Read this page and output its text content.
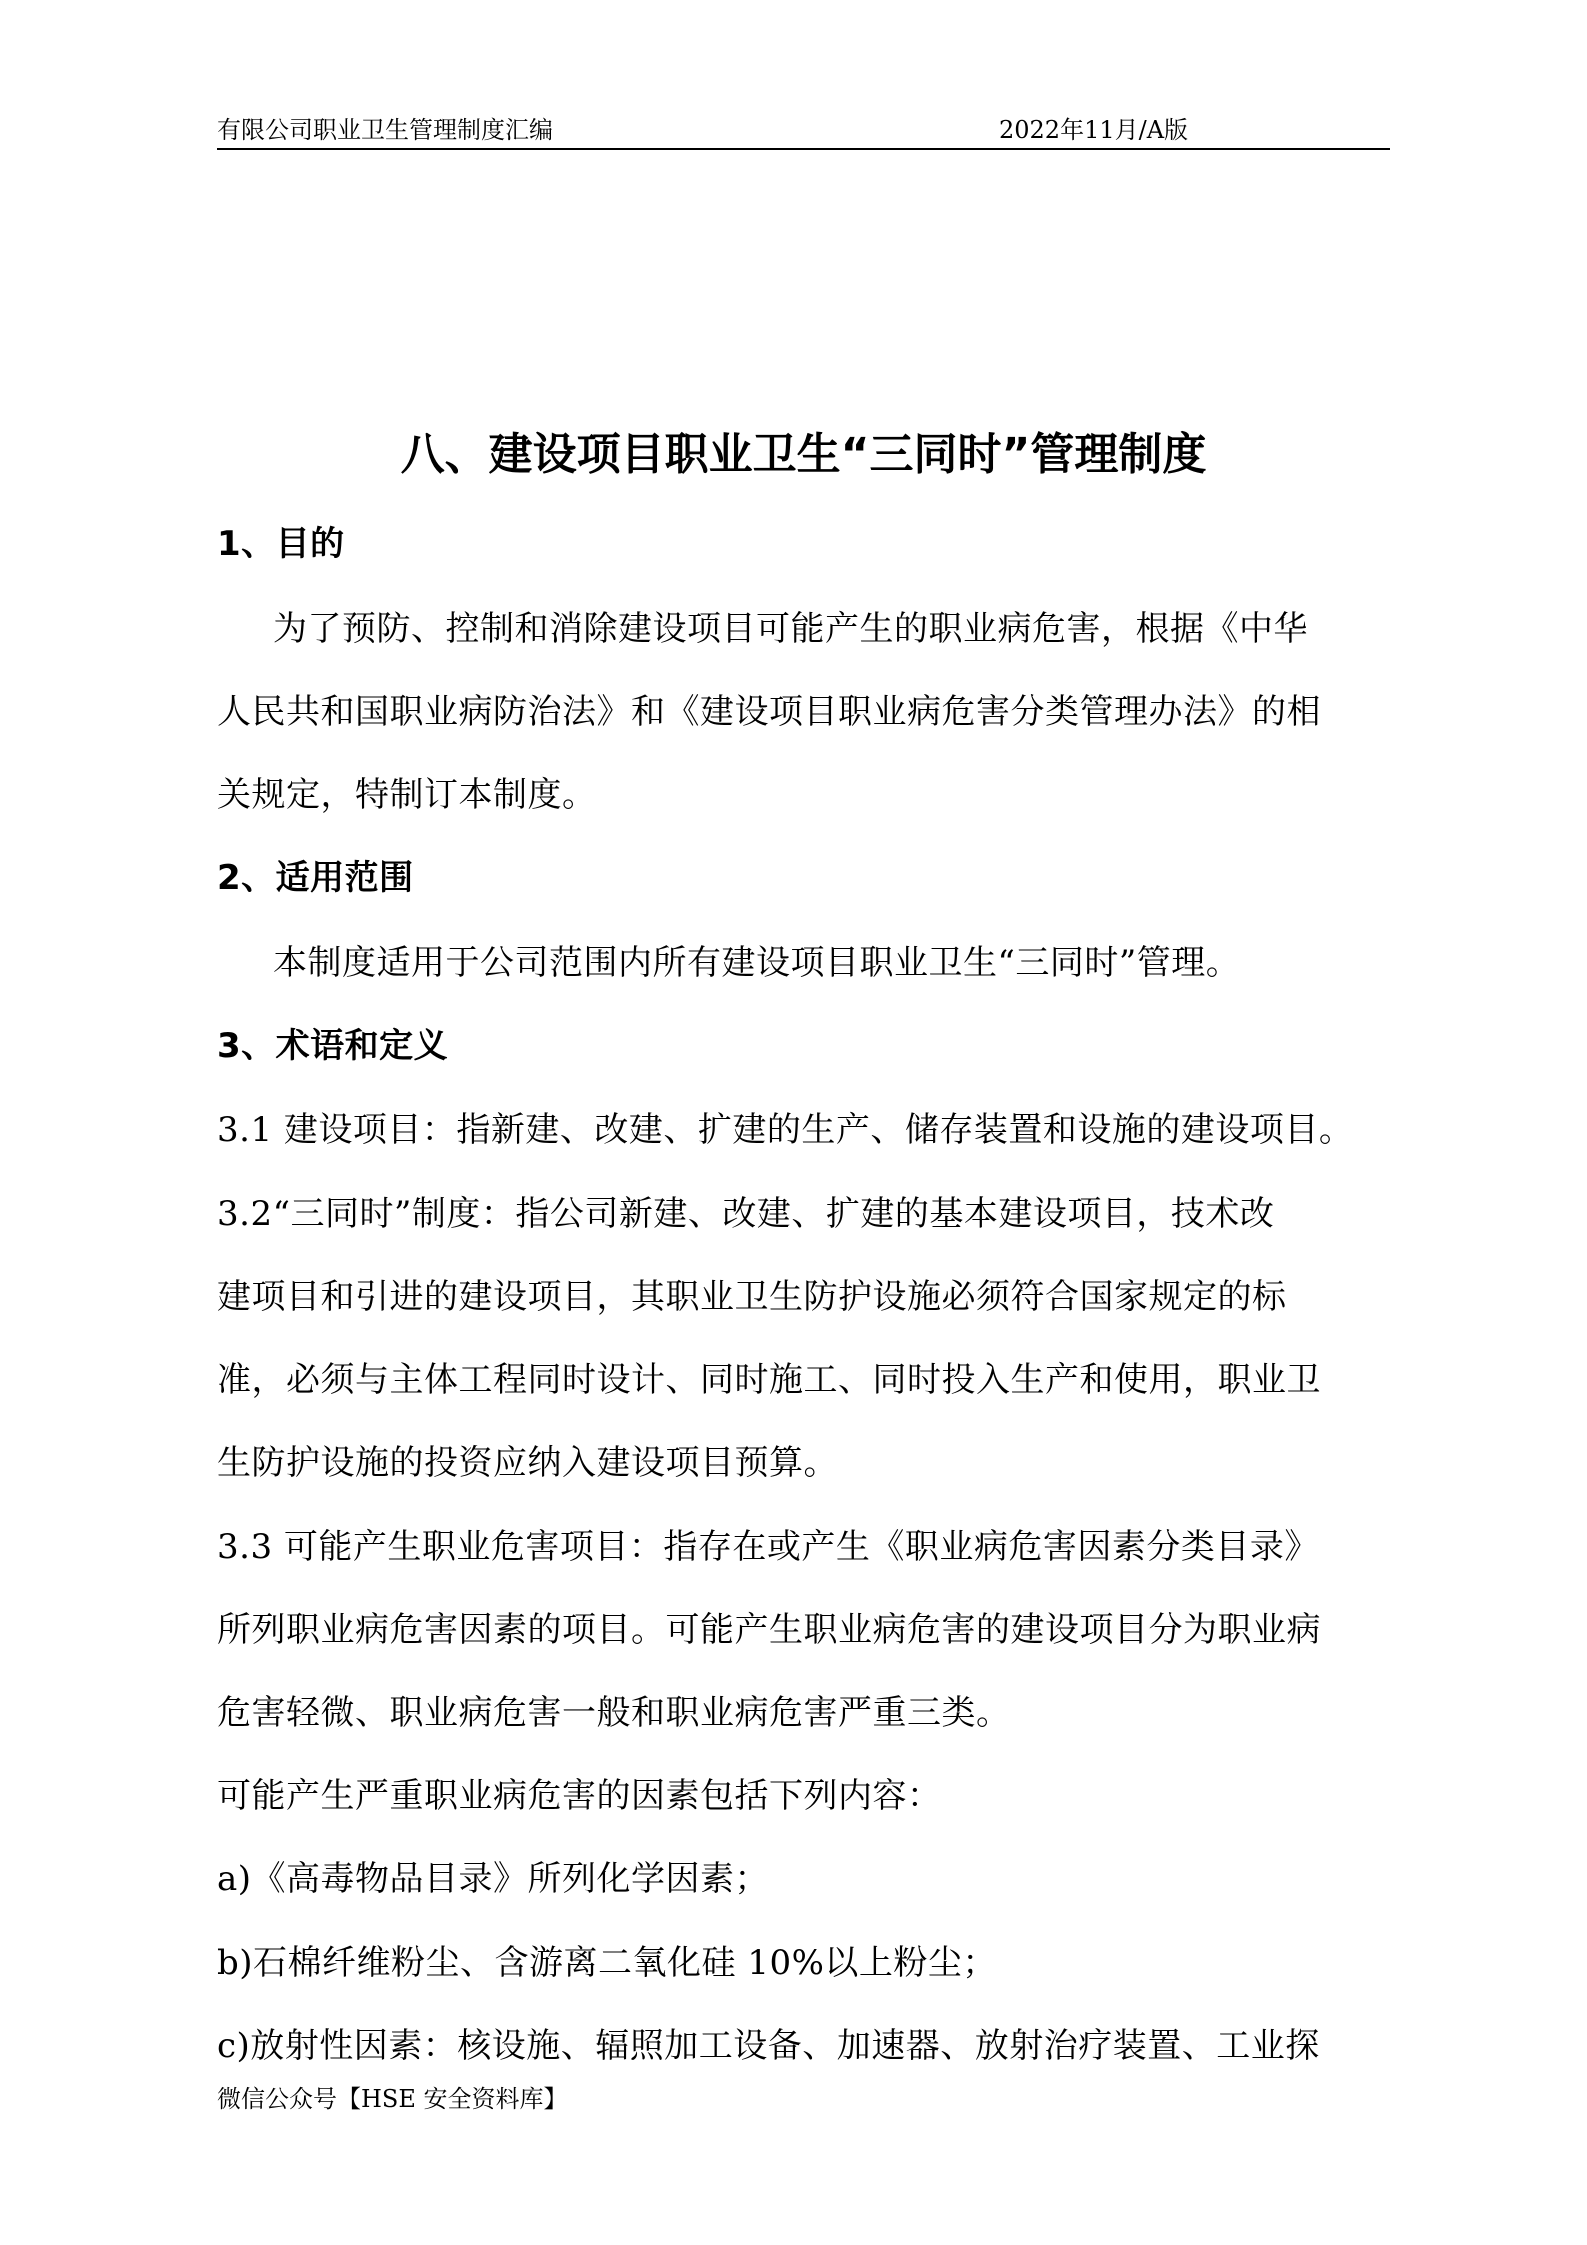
有限公司职业卫生管理制度汇编	2022年11月/A版
八、建设项目职业卫生“三同时”管理制度
1、目的
为了预防、控制和消除建设项目可能产生的职业病危害，根据《中华
人民共和国职业病防治法》和《建设项目职业病危害分类管理办法》的相
关规定，特制订本制度。
2、适用范围
本制度适用于公司范围内所有建设项目职业卫生“三同时”管理。
3、术语和定义
3.1 建设项目：指新建、改建、扩建的生产、储存装置和设施的建设项目。
3.2“三同时”制度：指公司新建、改建、扩建的基本建设项目，技术改
建项目和引进的建设项目，其职业卫生防护设施必须符合国家规定的标
准，必须与主体工程同时设计、同时施工、同时投入生产和使用，职业卫
生防护设施的投资应纳入建设项目预算。
3.3 可能产生职业危害项目：指存在或产生《职业病危害因素分类目录》
所列职业病危害因素的项目。可能产生职业病危害的建设项目分为职业病
危害轻微、职业病危害一般和职业病危害严重三类。
可能产生严重职业病危害的因素包括下列内容：
a)《高毒物品目录》所列化学因素；
b)石棉纤维粉尘、含游离二氧化硅 10%以上粉尘；
c)放射性因素：核设施、辐照加工设备、加速器、放射治疗装置、工业探
微信公众号【HSE 安全资料库】
